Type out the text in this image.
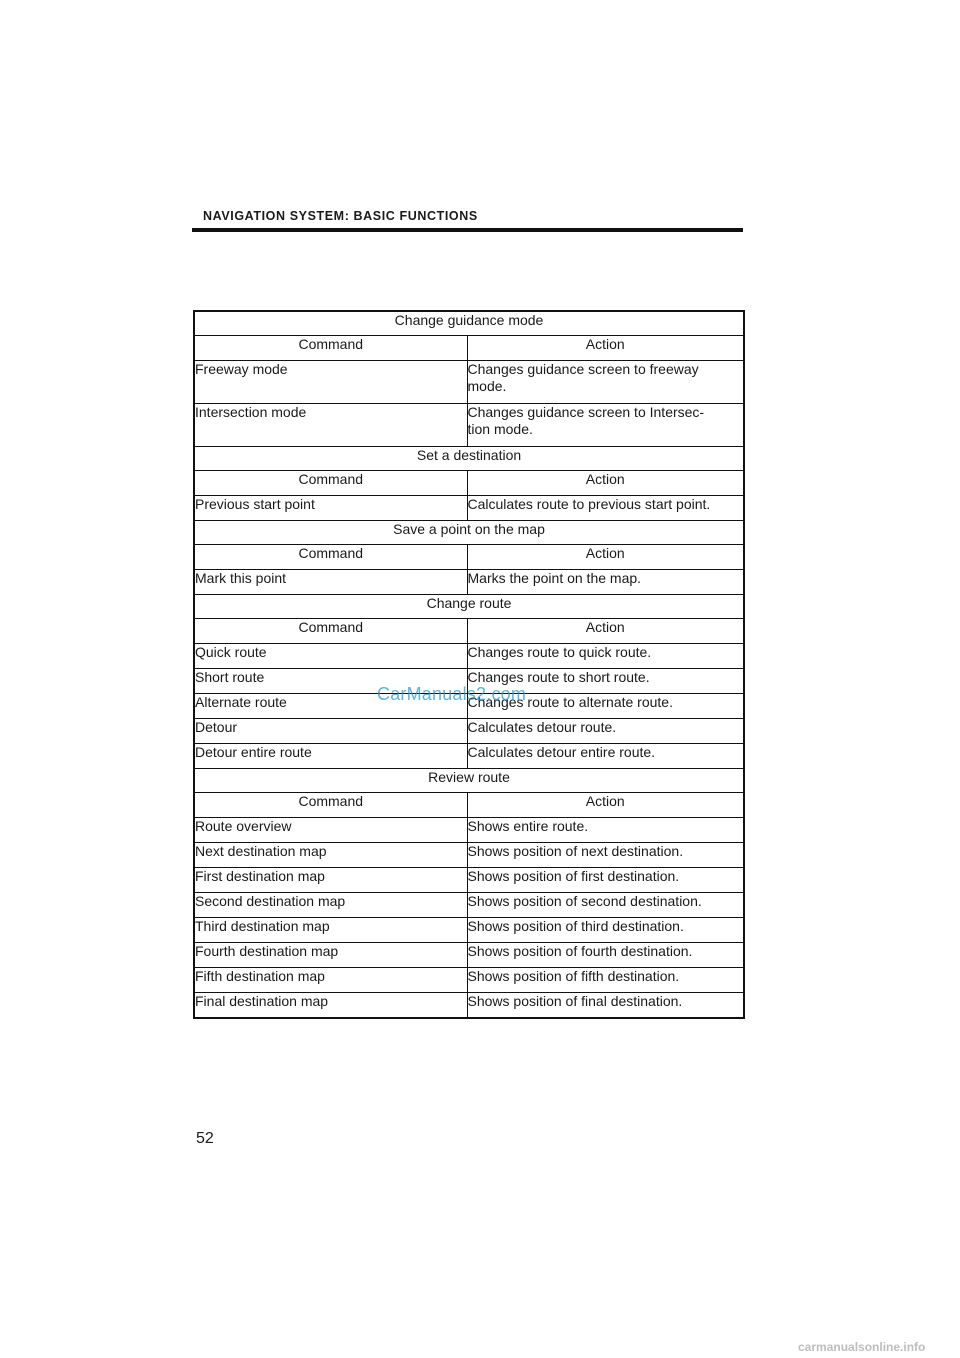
NAVIGATION SYSTEM: BASIC FUNCTIONS
Change guidance mode	
Command	Action
Freeway mode	Changes guidance screen to freeway
mode.

Intersection mode	Changes guidance screen to Intersec-
tion mode.

Set a destination	
Command	Action
Previous start point	Calculates route to previous start point.

Save a point on the map	
Command	Action
Mark this point	Marks the point on the map.

Change route	
Command	Action
Quick route	Changes route to quick route.

Short route	Changes route to short route.

Alternate route	Changes route to alternate route.

Detour	Calculates detour route.

Detour entire route	Calculates detour entire route.

Review route	
Command	Action
Route overview	Shows entire route.

Next destination map	Shows position of next destination.

First destination map	Shows position of first destination.

Second destination map	Shows position of second destination.

Third destination map	Shows position of third destination.

Fourth destination map	Shows position of fourth destination.

Fifth destination map	Shows position of fifth destination.

Final destination map	Shows position of final destination.
CarManuals2.com
52
carmanualsonline.info
